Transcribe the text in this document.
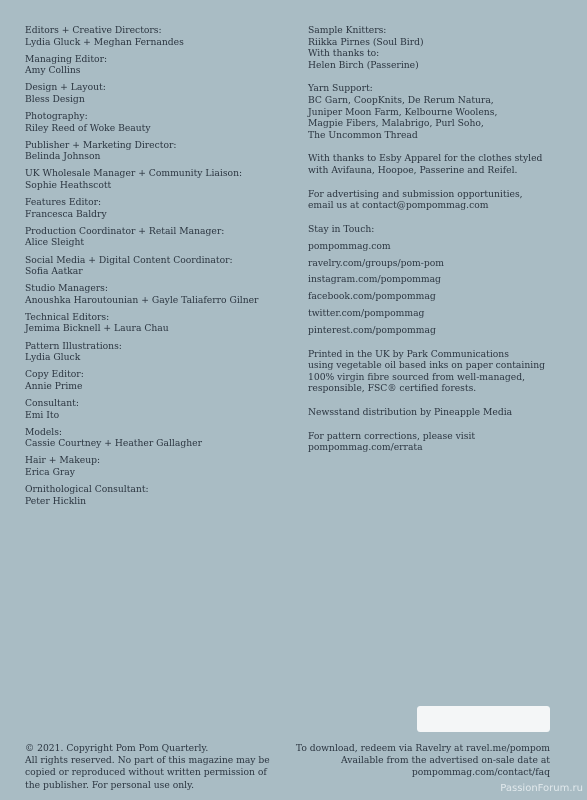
Editors + Creative Directors:
Lydia Gluck + Meghan Fernandes
Managing Editor:
Amy Collins
Design + Layout:
Bless Design
Photography:
Riley Reed of Woke Beauty
Publisher + Marketing Director:
Belinda Johnson
UK Wholesale Manager + Community Liaison:
Sophie Heathscott
Features Editor:
Francesca Baldry
Production Coordinator + Retail Manager:
Alice Sleight
Social Media + Digital Content Coordinator:
Sofia Aatkar
Studio Managers:
Anoushka Haroutounian + Gayle Taliaferro Gilner
Technical Editors:
Jemima Bicknell + Laura Chau
Pattern Illustrations:
Lydia Gluck
Copy Editor:
Annie Prime
Consultant:
Emi Ito
Models:
Cassie Courtney + Heather Gallagher
Hair + Makeup:
Erica Gray
Ornithological Consultant:
Peter Hicklin
Sample Knitters:
Riikka Pirnes (Soul Bird)
With thanks to:
Helen Birch (Passerine)
Yarn Support:
BC Garn, CoopKnits, De Rerum Natura,
Juniper Moon Farm, Kelbourne Woolens,
Magpie Fibers, Malabrigo, Purl Soho,
The Uncommon Thread
With thanks to Esby Apparel for the clothes styled
with Avifauna, Hoopoe, Passerine and Reifel.
For advertising and submission opportunities,
email us at contact@pompommag.com
Stay in Touch:
pompommag.com
ravelry.com/groups/pom-pom
instagram.com/pompommag
facebook.com/pompommag
twitter.com/pompommag
pinterest.com/pompommag
Printed in the UK by Park Communications
using vegetable oil based inks on paper containing
100% virgin fibre sourced from well-managed,
responsible, FSC® certified forests.
Newsstand distribution by Pineapple Media
For pattern corrections, please visit
pompommag.com/errata
© 2021. Copyright Pom Pom Quarterly.
All rights reserved. No part of this magazine may be
copied or reproduced without written permission of
the publisher. For personal use only.
To download, redeem via Ravelry at ravel.me/pompom
Available from the advertised on-sale date at
pompommag.com/contact/faq
PassionForum.ru
